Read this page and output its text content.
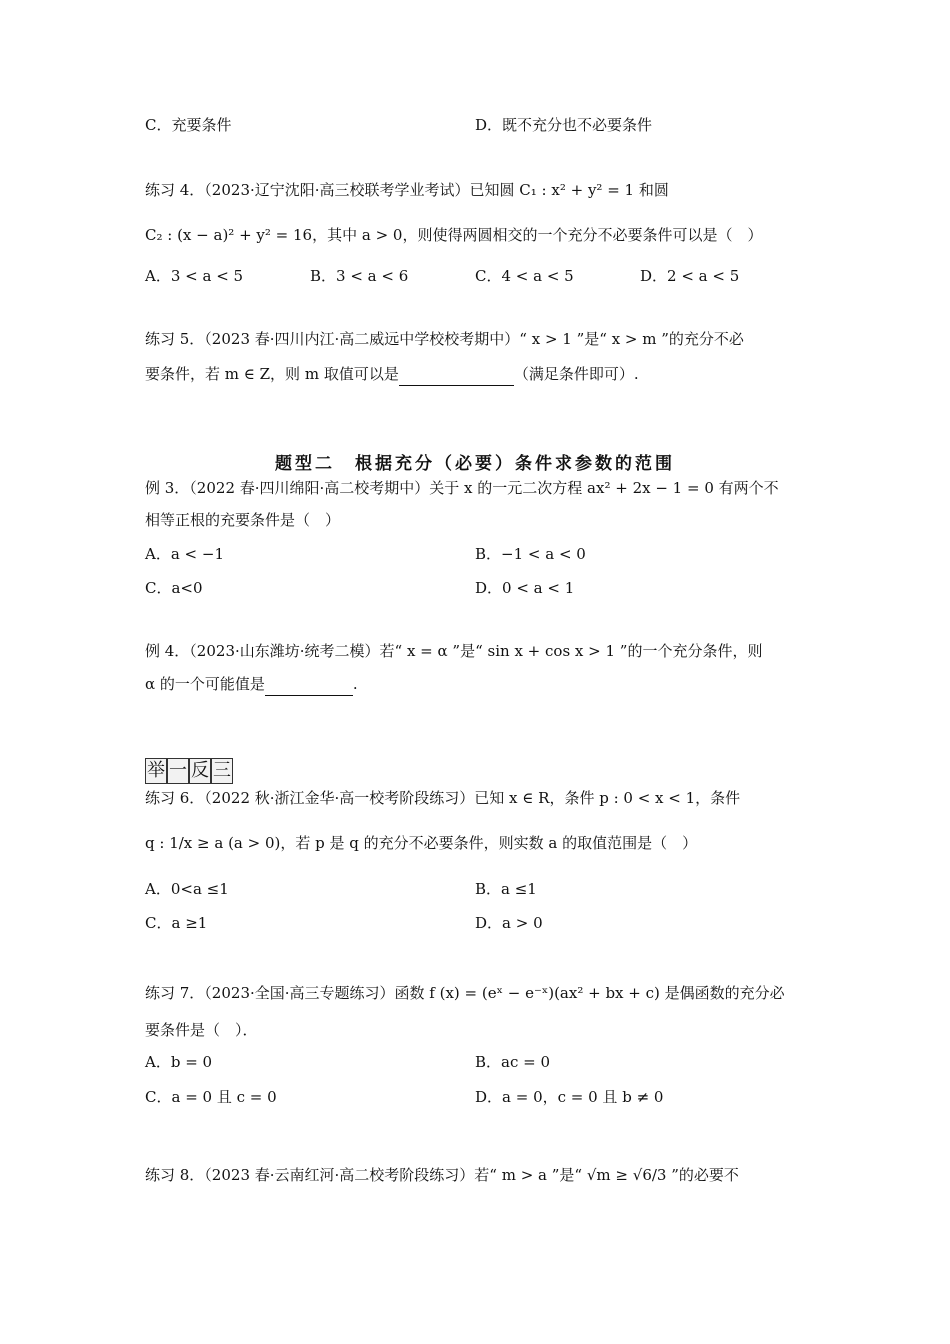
C．充要条件	D．既不充分也不必要条件
练习 4．（2023·辽宁沈阳·高三校联考学业考试）已知圆 C₁ : x² + y² = 1 和圆
C₂ : (x − a)² + y² = 16，其中 a > 0，则使得两圆相交的一个充分不必要条件可以是（　）
A．3 < a < 5	B．3 < a < 6	C．4 < a < 5	D．2 < a < 5
练习 5．（2023 春·四川内江·高二威远中学校校考期中）“ x > 1 ”是“ x > m ”的充分不必
要条件，若 m ∈ Z，则 m 取值可以是	（满足条件即可）.
题型二　根据充分（必要）条件求参数的范围
例 3．（2022 春·四川绵阳·高二校考期中）关于 x 的一元二次方程 ax² + 2x − 1 = 0 有两个不
相等正根的充要条件是（　）
A．a < −1	B．−1 < a < 0
C．a<0	D．0 < a < 1
例 4．（2023·山东潍坊·统考二模）若“ x = α ”是“ sin x + cos x > 1 ”的一个充分条件，则
α 的一个可能值是	.
举 一 反 三
练习 6．（2022 秋·浙江金华·高一校考阶段练习）已知 x ∈ R，条件 p : 0 < x < 1，条件
q : 1/x ≥ a (a > 0)，若 p 是 q 的充分不必要条件，则实数 a 的取值范围是（　）
A．0<a ≤1	B．a ≤1
C．a ≥1	D．a > 0
练习 7．（2023·全国·高三专题练习）函数 f (x) = (eˣ − e⁻ˣ)(ax² + bx + c) 是偶函数的充分必
要条件是（　）．
A．b = 0	B．ac = 0
C．a = 0 且 c = 0	D．a = 0，c = 0 且 b ≠ 0
练习 8．（2023 春·云南红河·高二校考阶段练习）若“ m > a ”是“ √m ≥ √6/3 ”的必要不
